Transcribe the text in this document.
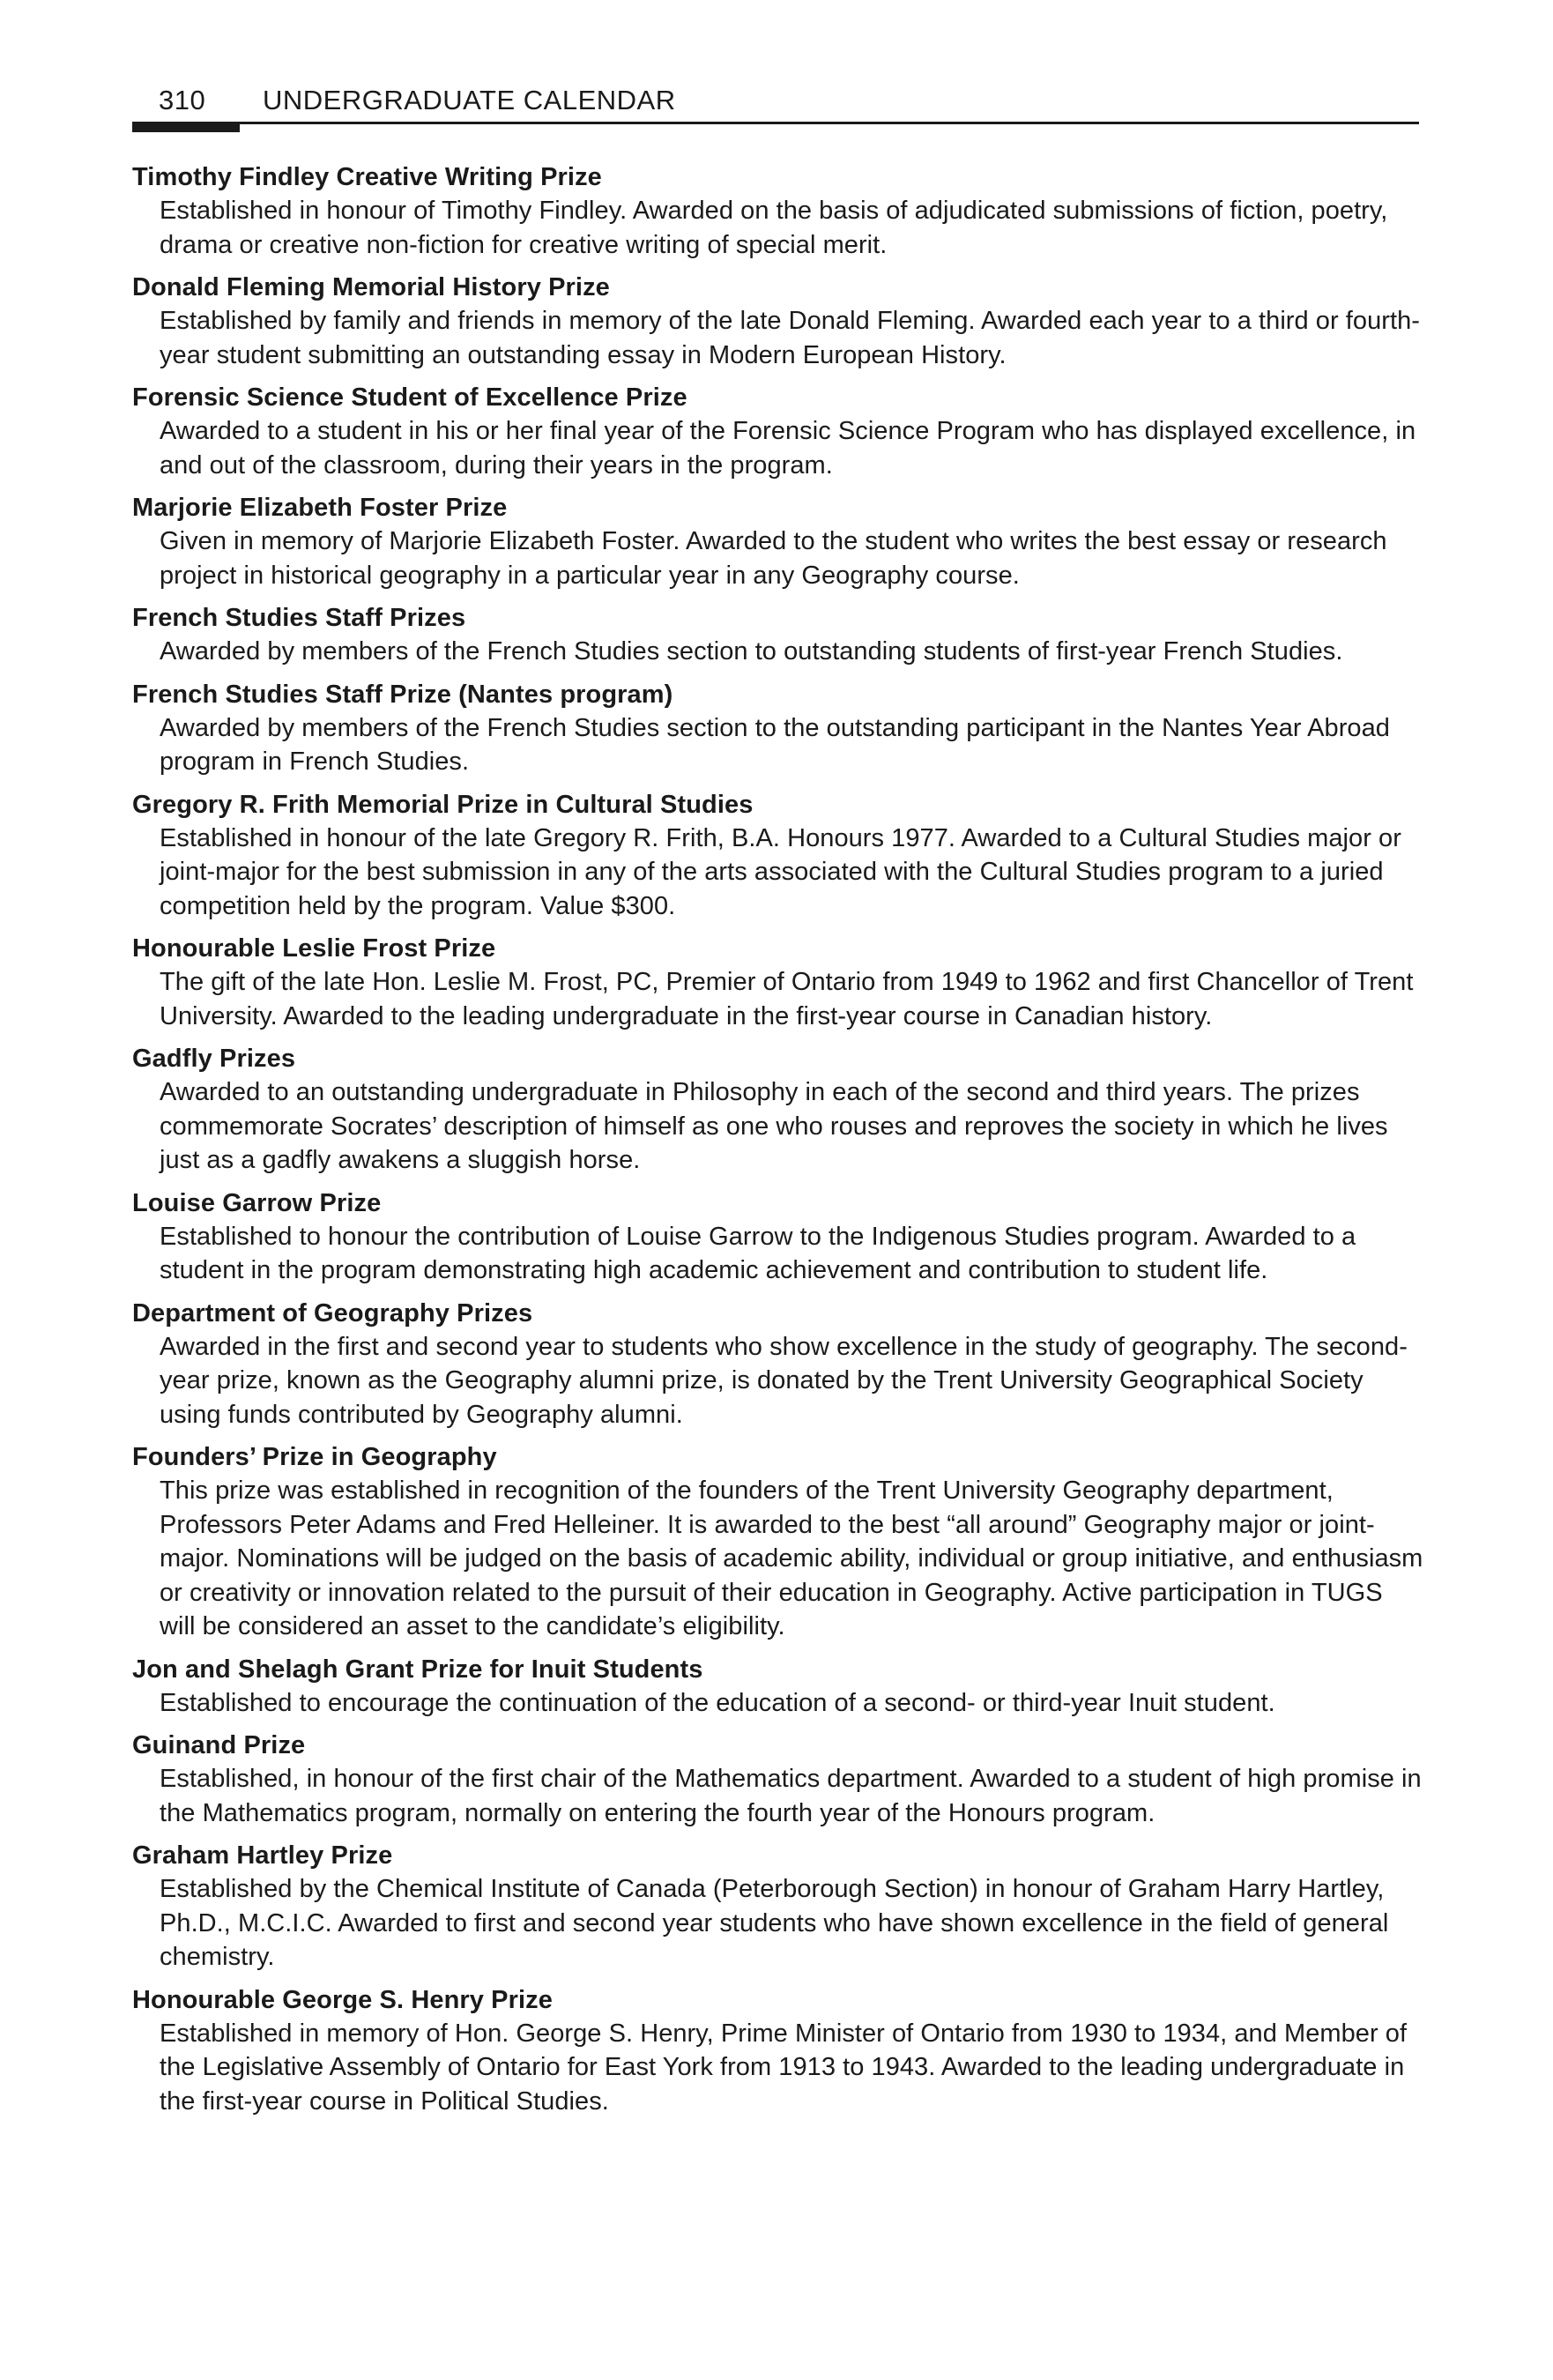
310 UNDERGRADUATE CALENDAR

Timothy Findley Creative Writing Prize

Established in honour of Timothy Findley. Awarded on the basis of adjudicated submissions of fiction, poetry, drama or creative non-fiction for creative writing of special merit.

Donald Fleming Memorial History Prize

Established by family and friends in memory of the late Donald Fleming. Awarded each year to a third or fourth-year student submitting an outstanding essay in Modern European History.

Forensic Science Student of Excellence Prize

Awarded to a student in his or her final year of the Forensic Science Program who has displayed excellence, in and out of the classroom, during their years in the program.

Marjorie Elizabeth Foster Prize

Given in memory of Marjorie Elizabeth Foster. Awarded to the student who writes the best essay or research project in historical geography in a particular year in any Geography course.

French Studies Staff Prizes

Awarded by members of the French Studies section to outstanding students of first-year French Studies.

French Studies Staff Prize (Nantes program)

Awarded by members of the French Studies section to the outstanding participant in the Nantes Year Abroad program in French Studies.

Gregory R. Frith Memorial Prize in Cultural Studies

Established in honour of the late Gregory R. Frith, B.A. Honours 1977. Awarded to a Cultural Studies major or joint-major for the best submission in any of the arts associated with the Cultural Studies program to a juried competition held by the program. Value $300.

Honourable Leslie Frost Prize

The gift of the late Hon. Leslie M. Frost, PC, Premier of Ontario from 1949 to 1962 and first Chancellor of Trent University. Awarded to the leading undergraduate in the first-year course in Canadian history.

Gadfly Prizes

Awarded to an outstanding undergraduate in Philosophy in each of the second and third years. The prizes commemorate Socrates’ description of himself as one who rouses and reproves the society in which he lives just as a gadfly awakens a sluggish horse.

Louise Garrow Prize

Established to honour the contribution of Louise Garrow to the Indigenous Studies program. Awarded to a student in the program demonstrating high academic achievement and contribution to student life.

Department of Geography Prizes

Awarded in the first and second year to students who show excellence in the study of geography. The second-year prize, known as the Geography alumni prize, is donated by the Trent University Geographical Society using funds contributed by Geography alumni.

Founders’ Prize in Geography

This prize was established in recognition of the founders of the Trent University Geography department, Professors Peter Adams and Fred Helleiner. It is awarded to the best “all around” Geography major or joint-major. Nominations will be judged on the basis of academic ability, individual or group initiative, and enthusiasm or creativity or innovation related to the pursuit of their education in Geography. Active participation in TUGS will be considered an asset to the candidate’s eligibility.

Jon and Shelagh Grant Prize for Inuit Students

Established to encourage the continuation of the education of a second- or third-year Inuit student.

Guinand Prize

Established, in honour of the first chair of the Mathematics department. Awarded to a student of high promise in the Mathematics program, normally on entering the fourth year of the Honours program.

Graham Hartley Prize

Established by the Chemical Institute of Canada (Peterborough Section) in honour of Graham Harry Hartley, Ph.D., M.C.I.C. Awarded to first and second year students who have shown excellence in the field of general chemistry.

Honourable George S. Henry Prize

Established in memory of Hon. George S. Henry, Prime Minister of Ontario from 1930 to 1934, and Member of the Legislative Assembly of Ontario for East York from 1913 to 1943. Awarded to the leading undergraduate in the first-year course in Political Studies.
